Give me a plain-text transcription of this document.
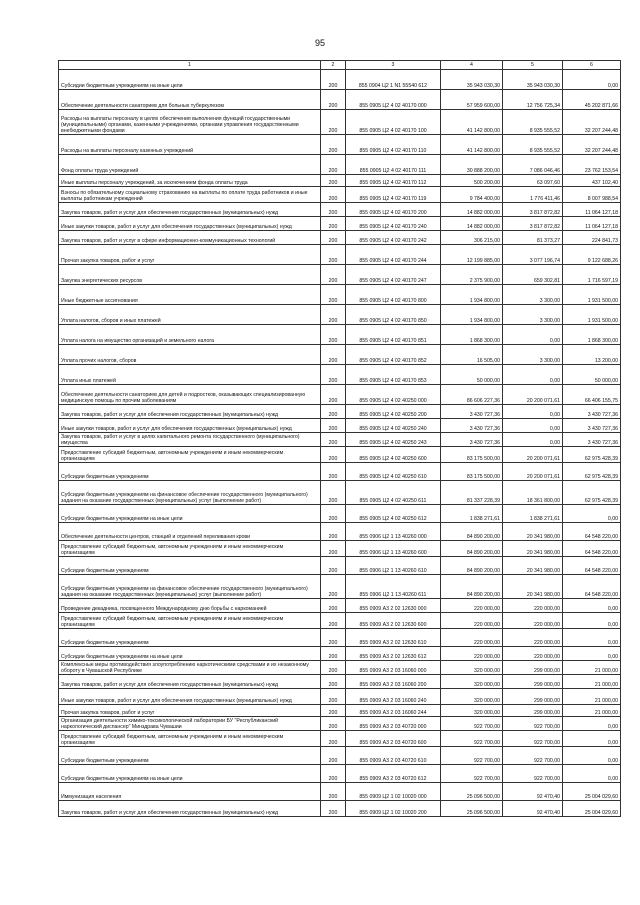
95
1	2	3	4	5	6
Субсидии бюджетным учреждениям на иные цели	200	855 0904 Ц2 1 N1 55540 612	35 943 030,30	35 943 030,30	0,00
Обеспечение деятельности санаториев для больных туберкулезом	200	855 0905 Ц2 4 02 40170 000	57 959 600,00	12 756 725,34	45 202 871,66
Расходы на выплаты персоналу в целях обеспечения выполнения функций государственными (муниципальными) органами, казенными учреждениями, органами управления государственными внебюджетными фондами	200	855 0905 Ц2 4 02 40170 100	41 142 800,00	8 935 555,52	32 207 244,48
Расходы на выплаты персоналу казенных учреждений	200	855 0905 Ц2 4 02 40170 110	41 142 800,00	8 935 555,52	32 207 244,48
Фонд оплаты труда учреждений	200	855 0905 Ц2 4 02 40170 111	30 888 200,00	7 086 046,46	23 762 153,54
Иные выплаты персоналу учреждений, за исключением фонда оплаты труда	200	855 0905 Ц2 4 02 40170 112	500 200,00	63 097,60	437 102,40
Взносы по обязательному социальному страхованию на выплаты по оплате труда работников и иные выплаты работникам учреждений	200	855 0905 Ц2 4 02 40170 119	9 784 400,00	1 776 411,46	8 007 988,54
Закупка товаров, работ и услуг для обеспечения государственных (муниципальных) нужд	200	855 0905 Ц2 4 02 40170 200	14 882 000,00	3 817 872,82	11 064 127,18
Иные закупки товаров, работ и услуг для обеспечения государственных (муниципальных) нужд	200	855 0905 Ц2 4 02 40170 240	14 882 000,00	3 817 872,82	11 064 127,18
Закупка товаров, работ и услуг в сфере информационно-коммуникационных технологий	200	855 0905 Ц2 4 02 40170 242	306 215,00	81 373,27	224 841,73
Прочая закупка товаров, работ и услуг	200	855 0905 Ц2 4 02 40170 244	12 199 885,00	3 077 196,74	9 122 688,26
Закупка энергетических ресурсов	200	855 0905 Ц2 4 02 40170 247	2 375 900,00	659 302,81	1 716 597,19
Иные бюджетные ассигнования	200	855 0905 Ц2 4 02 40170 800	1 934 800,00	3 300,00	1 931 500,00
Уплата налогов, сборов и иных платежей	200	855 0905 Ц2 4 02 40170 850	1 934 800,00	3 300,00	1 931 500,00
Уплата налога на имущество организаций и земельного налога	200	855 0905 Ц2 4 02 40170 851	1 868 300,00	0,00	1 868 300,00
Уплата прочих налогов, сборов	200	855 0905 Ц2 4 02 40170 852	16 505,00	3 300,00	13 200,00
Уплата иных платежей	200	855 0905 Ц2 4 02 40170 853	50 000,00	0,00	50 000,00
Обеспечение деятельности санаториев для детей и подростков, оказывающих специализированную медицинскую помощь по прочим заболеваниям	200	855 0905 Ц2 4 02 40250 000	86 606 227,36	20 200 071,61	66 406 155,75
Закупка товаров, работ и услуг для обеспечения государственных (муниципальных) нужд	200	855 0905 Ц2 4 02 40250 200	3 430 727,36	0,00	3 430 727,36
Иные закупки товаров, работ и услуг для обеспечения государственных (муниципальных) нужд	200	855 0905 Ц2 4 02 40250 240	3 430 727,36	0,00	3 430 727,36
Закупка товаров, работ и услуг в целях капитального ремонта государственного (муниципального) имущества	200	855 0905 Ц2 4 02 40250 243	3 430 727,36	0,00	3 430 727,36
Предоставление субсидий бюджетным, автономным учреждениям и иным некоммерческим организациям	200	855 0905 Ц2 4 02 40250 600	83 175 500,00	20 200 071,61	62 975 428,39
Субсидии бюджетным учреждениям	200	855 0905 Ц2 4 02 40250 610	83 175 500,00	20 200 071,61	62 975 428,39
Субсидии бюджетным учреждениям на финансовое обеспечение государственного (муниципального) задания на оказание государственных (муниципальных) услуг (выполнение работ)	200	855 0905 Ц2 4 02 40250 611	81 337 228,39	18 361 800,00	62 975 428,39
Субсидии бюджетным учреждениям на иные цели	200	855 0905 Ц2 4 02 40250 612	1 838 271,61	1 838 271,61	0,00
Обеспечение деятельности центров, станций и отделений переливания крови	200	855 0906 Ц2 1 13 40260 000	84 890 200,00	20 341 980,00	64 548 220,00
Предоставление субсидий бюджетным, автономным учреждениям и иным некоммерческим организациям	200	855 0906 Ц2 1 13 40260 600	84 890 200,00	20 341 980,00	64 548 220,00
Субсидии бюджетным учреждениям	200	855 0906 Ц2 1 13 40260 610	84 890 200,00	20 341 980,00	64 548 220,00
Субсидии бюджетным учреждениям на финансовое обеспечение государственного (муниципального) задания на оказание государственных (муниципальных) услуг (выполнение работ)	200	855 0906 Ц2 1 13 40260 611	84 890 200,00	20 341 980,00	64 548 220,00
Проведение декадника, посвященного Международному дню борьбы с наркоманией	200	855 0909 А3 2 02 12630 000	220 000,00	220 000,00	0,00
Предоставление субсидий бюджетным, автономным учреждениям и иным некоммерческим организациям	200	855 0909 А3 2 02 12630 600	220 000,00	220 000,00	0,00
Субсидии бюджетным учреждениям	200	855 0909 А3 2 02 12630 610	220 000,00	220 000,00	0,00
Субсидии бюджетным учреждениям на иные цели	200	855 0909 А3 2 02 12630 612	220 000,00	220 000,00	0,00
Комплексные меры противодействия злоупотреблению наркотическими средствами и их незаконному обороту в Чувашской Республике	200	855 0909 А3 2 03 16060 000	320 000,00	299 000,00	21 000,00
Закупка товаров, работ и услуг для обеспечения государственных (муниципальных) нужд	200	855 0909 А3 2 03 16060 200	320 000,00	299 000,00	21 000,00
Иные закупки товаров, работ и услуг для обеспечения государственных (муниципальных) нужд	200	855 0909 А3 2 03 16060 240	320 000,00	299 000,00	21 000,00
Прочая закупка товаров, работ и услуг	200	855 0909 А3 2 03 16060 244	320 000,00	299 000,00	21 000,00
Организация деятельности химико-токсикологической лаборатории БУ "Республиканский наркологический диспансер" Минздрава Чувашии	200	855 0909 А3 2 03 40720 000	922 700,00	922 700,00	0,00
Предоставление субсидий бюджетным, автономным учреждениям и иным некоммерческим организациям	200	855 0909 А3 2 03 40720 600	922 700,00	922 700,00	0,00
Субсидии бюджетным учреждениям	200	855 0909 А3 2 03 40720 610	922 700,00	922 700,00	0,00
Субсидии бюджетным учреждениям на иные цели	200	855 0909 А3 2 03 40720 612	922 700,00	922 700,00	0,00
Иммунизация населения	200	855 0909 Ц2 1 02 10020 000	25 096 500,00	92 470,40	25 004 029,60
Закупка товаров, работ и услуг для обеспечения государственных (муниципальных) нужд	200	855 0909 Ц2 1 02 10020 200	25 096 500,00	92 470,40	25 004 029,60
